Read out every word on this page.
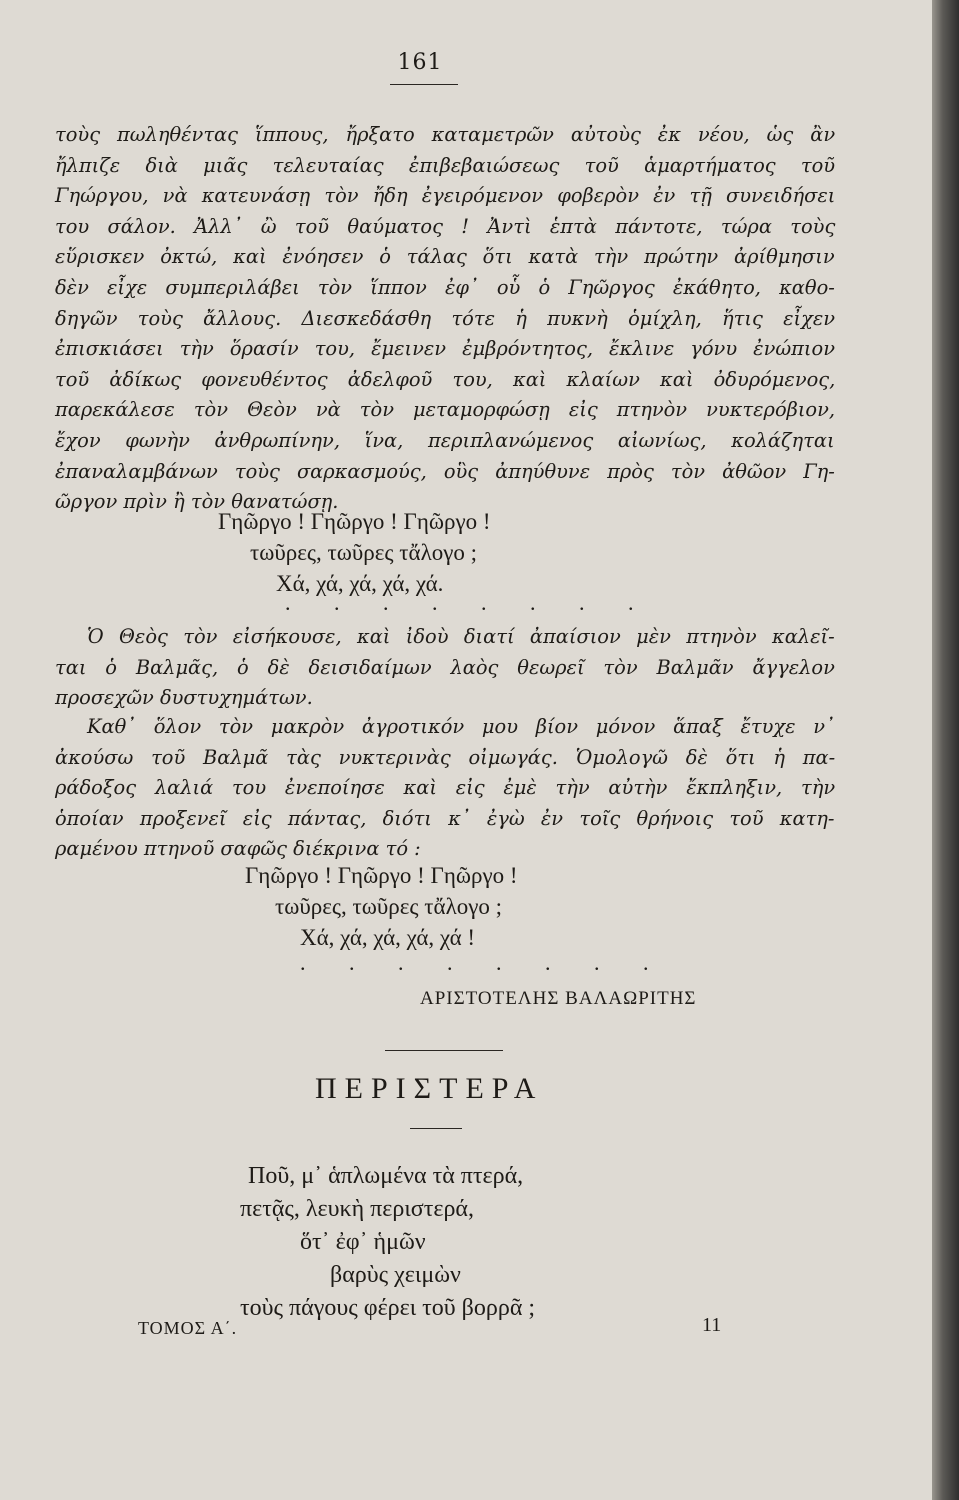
161
τοὺς πωληθέντας ἵππους, ἤρξατο καταμετρῶν αὐτοὺς ἐκ νέου, ὡς ἂν
ἤλπιζε διὰ μιᾶς τελευταίας ἐπιβεβαιώσεως τοῦ ἁμαρτήματος τοῦ
Γηώργου, νὰ κατευνάσῃ τὸν ἤδη ἐγειρόμενον φοβερὸν ἐν τῇ συνειδήσει
του σάλον. Ἀλλ᾿ ὢ τοῦ θαύματος ! Ἀντὶ ἑπτὰ πάντοτε, τώρα τοὺς
εὕρισκεν ὀκτώ, καὶ ἐνόησεν ὁ τάλας ὅτι κατὰ τὴν πρώτην ἀρίθμησιν
δὲν εἶχε συμπεριλάβει τὸν ἵππον ἐφ᾿ οὗ ὁ Γηῶργος ἐκάθητο, καθο-
δηγῶν τοὺς ἄλλους. Διεσκεδάσθη τότε ἡ πυκνὴ ὁμίχλη, ἥτις εἶχεν
ἐπισκιάσει τὴν ὅρασίν του, ἔμεινεν ἐμβρόντητος, ἔκλινε γόνυ ἐνώπιον
τοῦ ἀδίκως φονευθέντος ἀδελφοῦ του, καὶ κλαίων καὶ ὀδυρόμενος,
παρεκάλεσε τὸν Θεὸν νὰ τὸν μεταμορφώσῃ εἰς πτηνὸν νυκτερόβιον,
ἔχον φωνὴν ἀνθρωπίνην, ἵνα, περιπλανώμενος αἰωνίως, κολάζηται
ἐπαναλαμβάνων τοὺς σαρκασμούς, οὓς ἀπηύθυνε πρὸς τὸν ἀθῶον Γη-
ῶργον πρὶν ἢ τὸν θανατώσῃ.
Γηῶργο ! Γηῶργο ! Γηῶργο !
τωῦρες, τωῦρες τἄλογο ;
Χά, χά, χά, χά, χά.
. . . . . . . .
Ὁ Θεὸς τὸν εἰσήκουσε, καὶ ἰδοὺ διατί ἀπαίσιον μὲν πτηνὸν καλεῖ-
ται ὁ Βαλμᾶς, ὁ δὲ δεισιδαίμων λαὸς θεωρεῖ τὸν Βαλμᾶν ἄγγελον
προσεχῶν δυστυχημάτων.
Καθ᾿ ὅλον τὸν μακρὸν ἀγροτικόν μου βίον μόνον ἅπαξ ἔτυχε ν᾿
ἀκούσω τοῦ Βαλμᾶ τὰς νυκτερινὰς οἰμωγάς. Ὁμολογῶ δὲ ὅτι ἡ πα-
ράδοξος λαλιά του ἐνεποίησε καὶ εἰς ἐμὲ τὴν αὐτὴν ἔκπληξιν, τὴν
ὁποίαν προξενεῖ εἰς πάντας, διότι κ᾿ ἐγὼ ἐν τοῖς θρήνοις τοῦ κατη-
ραμένου πτηνοῦ σαφῶς διέκρινα τό :
Γηῶργο ! Γηῶργο ! Γηῶργο !
τωῦρες, τωῦρες τἄλογο ;
Χά, χά, χά, χά, χά !
. . . . . . . .
ΑΡΙΣΤΟΤΕΛΗΣ ΒΑΛΑΩΡΙΤΗΣ
ΠΕΡΙΣΤΕΡΑ
Ποῦ, μ᾿ ἁπλωμένα τὰ πτερά,
πετᾷς, λευκὴ περιστερά,
ὅτ᾿ ἐφ᾿ ἡμῶν
βαρὺς χειμὼν
τοὺς πάγους φέρει τοῦ βορρᾶ ;
ΤΟΜΟΣ Α΄.	11
